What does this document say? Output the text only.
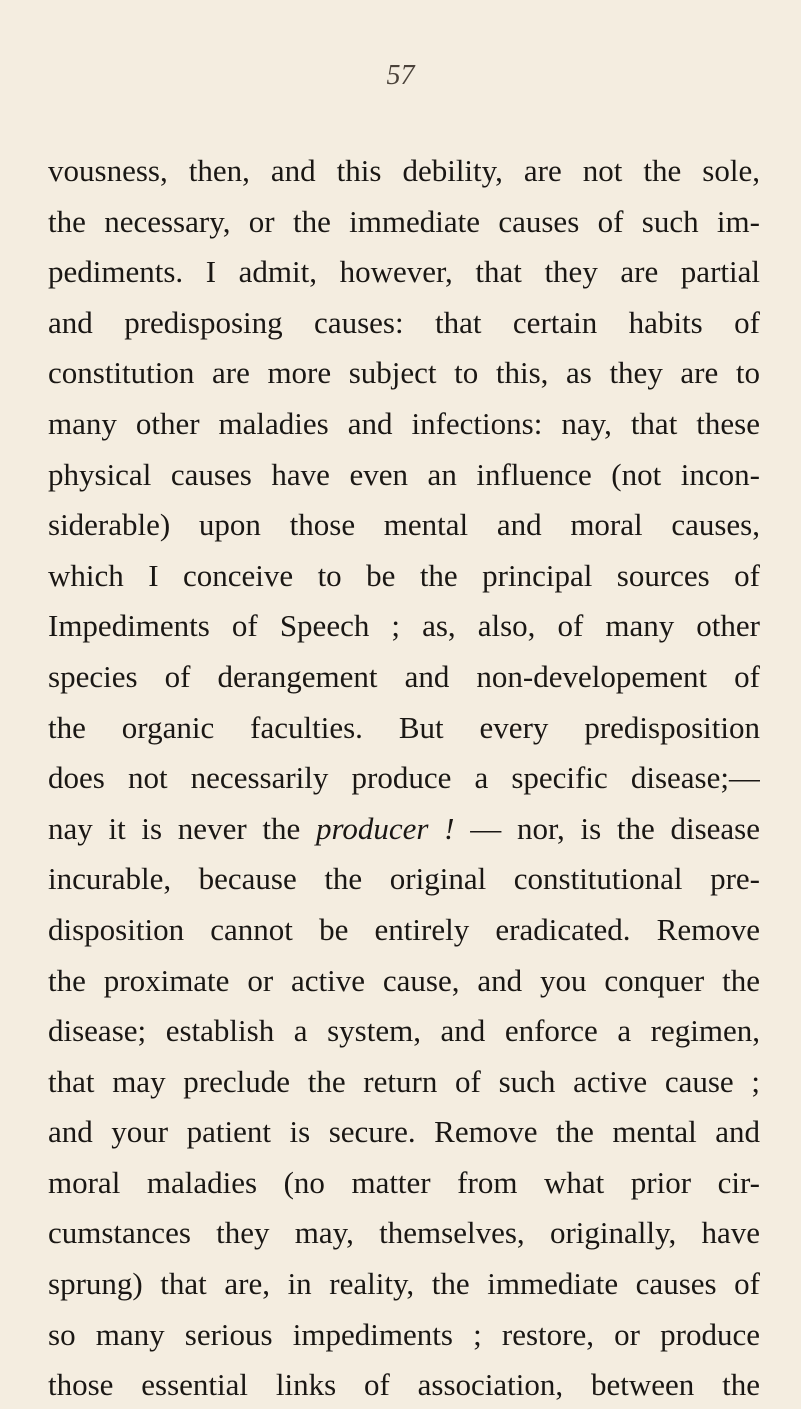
57
vousness, then, and this debility, are not the sole,
the necessary, or the immediate causes of such im-
pediments. I admit, however, that they are partial
and predisposing causes: that certain habits of
constitution are more subject to this, as they are to
many other maladies and infections: nay, that these
physical causes have even an influence (not incon-
siderable) upon those mental and moral causes,
which I conceive to be the principal sources of
Impediments of Speech ; as, also, of many other
species of derangement and non-developement of
the organic faculties. But every predisposition
does not necessarily produce a specific disease;—
nay it is never the producer ! — nor, is the disease
incurable, because the original constitutional pre-
disposition cannot be entirely eradicated. Remove
the proximate or active cause, and you conquer the
disease; establish a system, and enforce a regimen,
that may preclude the return of such active cause ;
and your patient is secure. Remove the mental and
moral maladies (no matter from what prior cir-
cumstances they may, themselves, originally, have
sprung) that are, in reality, the immediate causes of
so many serious impediments ; restore, or produce
those essential links of association, between the
